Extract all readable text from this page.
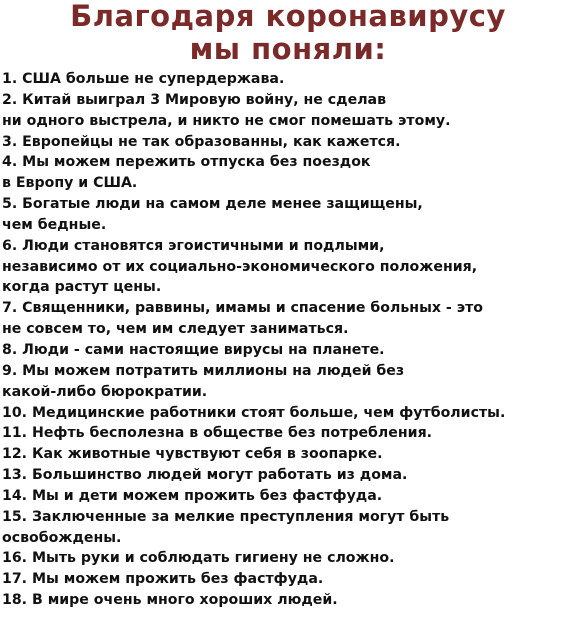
Благодаря коронавирусу
мы поняли:
1. США больше не супердержава.
2. Китай выиграл 3 Мировую войну, не сделав
ни одного выстрела, и никто не смог помешать этому.
3. Европейцы не так образованны, как кажется.
4. Мы можем пережить отпуска без поездок
в Европу и США.
5. Богатые люди на самом деле менее защищены,
чем бедные.
6. Люди становятся эгоистичными и подлыми,
независимо от их социально-экономического положения,
когда растут цены.
7. Священники, раввины, имамы и спасение больных - это
не совсем то, чем им следует заниматься.
8. Люди - сами настоящие вирусы на планете.
9. Мы можем потратить миллионы на людей без
какой-либо бюрократии.
10. Медицинские работники стоят больше, чем футболисты.
11. Нефть бесполезна в обществе без потребления.
12. Как животные чувствуют себя в зоопарке.
13. Большинство людей могут работать из дома.
14. Мы и дети можем прожить без фастфуда.
15. Заключенные за мелкие преступления могут быть
освобождены.
16. Мыть руки и соблюдать гигиену не сложно.
17. Мы можем прожить без фастфуда.
18. В мире очень много хороших людей.
